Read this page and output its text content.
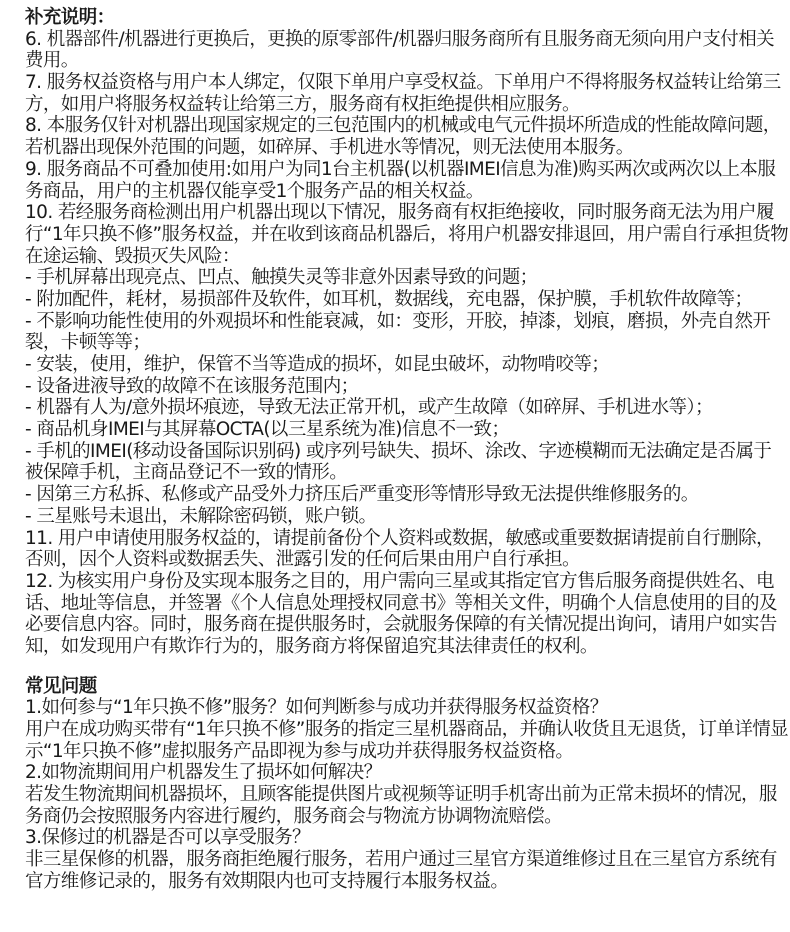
补充说明：
6. 机器部件/机器进行更换后，更换的原零部件/机器归服务商所有且服务商无须向用户支付相关
费用。
7. 服务权益资格与用户本人绑定，仅限下单用户享受权益。下单用户不得将服务权益转让给第三
方，如用户将服务权益转让给第三方，服务商有权拒绝提供相应服务。
8. 本服务仅针对机器出现国家规定的三包范围内的机械或电气元件损坏所造成的性能故障问题，
若机器出现保外范围的问题，如碎屏、手机进水等情况，则无法使用本服务。
9. 服务商品不可叠加使用:如用户为同1台主机器(以机器IMEI信息为准)购买两次或两次以上本服
务商品，用户的主机器仅能享受1个服务产品的相关权益。
10. 若经服务商检测出用户机器出现以下情况，服务商有权拒绝接收，同时服务商无法为用户履
行“1年只换不修”服务权益，并在收到该商品机器后，将用户机器安排退回，用户需自行承担货物
在途运输、毁损灭失风险：
- 手机屏幕出现亮点、凹点、触摸失灵等非意外因素导致的问题；
- 附加配件，耗材，易损部件及软件，如耳机，数据线，充电器，保护膜，手机软件故障等；
- 不影响功能性使用的外观损坏和性能衰减，如：变形，开胶，掉漆，划痕，磨损，外壳自然开
裂，卡顿等等；
- 安装，使用，维护，保管不当等造成的损坏，如昆虫破坏，动物啃咬等；
- 设备进液导致的故障不在该服务范围内；
- 机器有人为/意外损坏痕迹，导致无法正常开机，或产生故障（如碎屏、手机进水等）；
- 商品机身IMEI与其屏幕OCTA(以三星系统为准)信息不一致；
- 手机的IMEI(移动设备国际识别码) 或序列号缺失、损坏、涂改、字迹模糊而无法确定是否属于
被保障手机，主商品登记不一致的情形。
- 因第三方私拆、私修或产品受外力挤压后严重变形等情形导致无法提供维修服务的。
- 三星账号未退出，未解除密码锁，账户锁。
11. 用户申请使用服务权益的，请提前备份个人资料或数据，敏感或重要数据请提前自行删除，
否则，因个人资料或数据丢失、泄露引发的任何后果由用户自行承担。
12. 为核实用户身份及实现本服务之目的，用户需向三星或其指定官方售后服务商提供姓名、电
话、地址等信息，并签署《个人信息处理授权同意书》等相关文件，明确个人信息使用的目的及
必要信息内容。同时，服务商在提供服务时，会就服务保障的有关情况提出询问，请用户如实告
知，如发现用户有欺诈行为的，服务商方将保留追究其法律责任的权利。
常见问题
1.如何参与“1年只换不修”服务？如何判断参与成功并获得服务权益资格？
用户在成功购买带有“1年只换不修”服务的指定三星机器商品，并确认收货且无退货，订单详情显
示“1年只换不修”虚拟服务产品即视为参与成功并获得服务权益资格。
2.如物流期间用户机器发生了损坏如何解决？
若发生物流期间机器损坏，且顾客能提供图片或视频等证明手机寄出前为正常未损坏的情况，服
务商仍会按照服务内容进行履约，服务商会与物流方协调物流赔偿。
3.保修过的机器是否可以享受服务？
非三星保修的机器，服务商拒绝履行服务，若用户通过三星官方渠道维修过且在三星官方系统有
官方维修记录的，服务有效期限内也可支持履行本服务权益。
